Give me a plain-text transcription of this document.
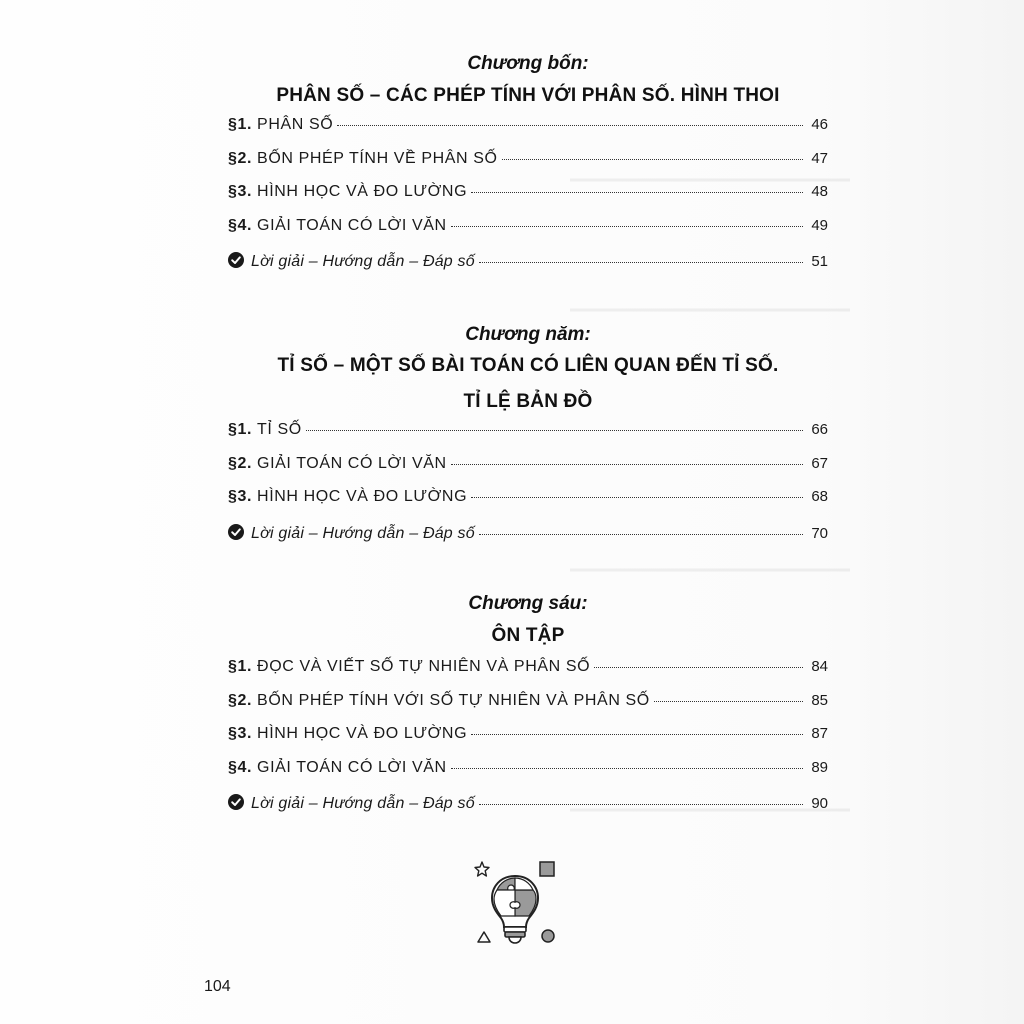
Chương bốn:

PHÂN SỐ – CÁC PHÉP TÍNH VỚI PHÂN SỐ. HÌNH THOI
§1. PHÂN SỐ	46
§2. BỐN PHÉP TÍNH VỀ PHÂN SỐ	47
§3. HÌNH HỌC VÀ ĐO LƯỜNG	48
§4. GIẢI TOÁN CÓ LỜI VĂN	49
Lời giải – Hướng dẫn – Đáp số	51

Chương năm:

TỈ SỐ – MỘT SỐ BÀI TOÁN CÓ LIÊN QUAN ĐẾN TỈ SỐ.
TỈ LỆ BẢN ĐỒ
§1. TỈ SỐ	66
§2. GIẢI TOÁN CÓ LỜI VĂN	67
§3. HÌNH HỌC VÀ ĐO LƯỜNG	68
Lời giải – Hướng dẫn – Đáp số	70

Chương sáu:

ÔN TẬP
§1. ĐỌC VÀ VIẾT SỐ TỰ NHIÊN VÀ PHÂN SỐ	84
§2. BỐN PHÉP TÍNH VỚI SỐ TỰ NHIÊN VÀ PHÂN SỐ	85
§3. HÌNH HỌC VÀ ĐO LƯỜNG	87
§4. GIẢI TOÁN CÓ LỜI VĂN	89
Lời giải – Hướng dẫn – Đáp số	90

104
